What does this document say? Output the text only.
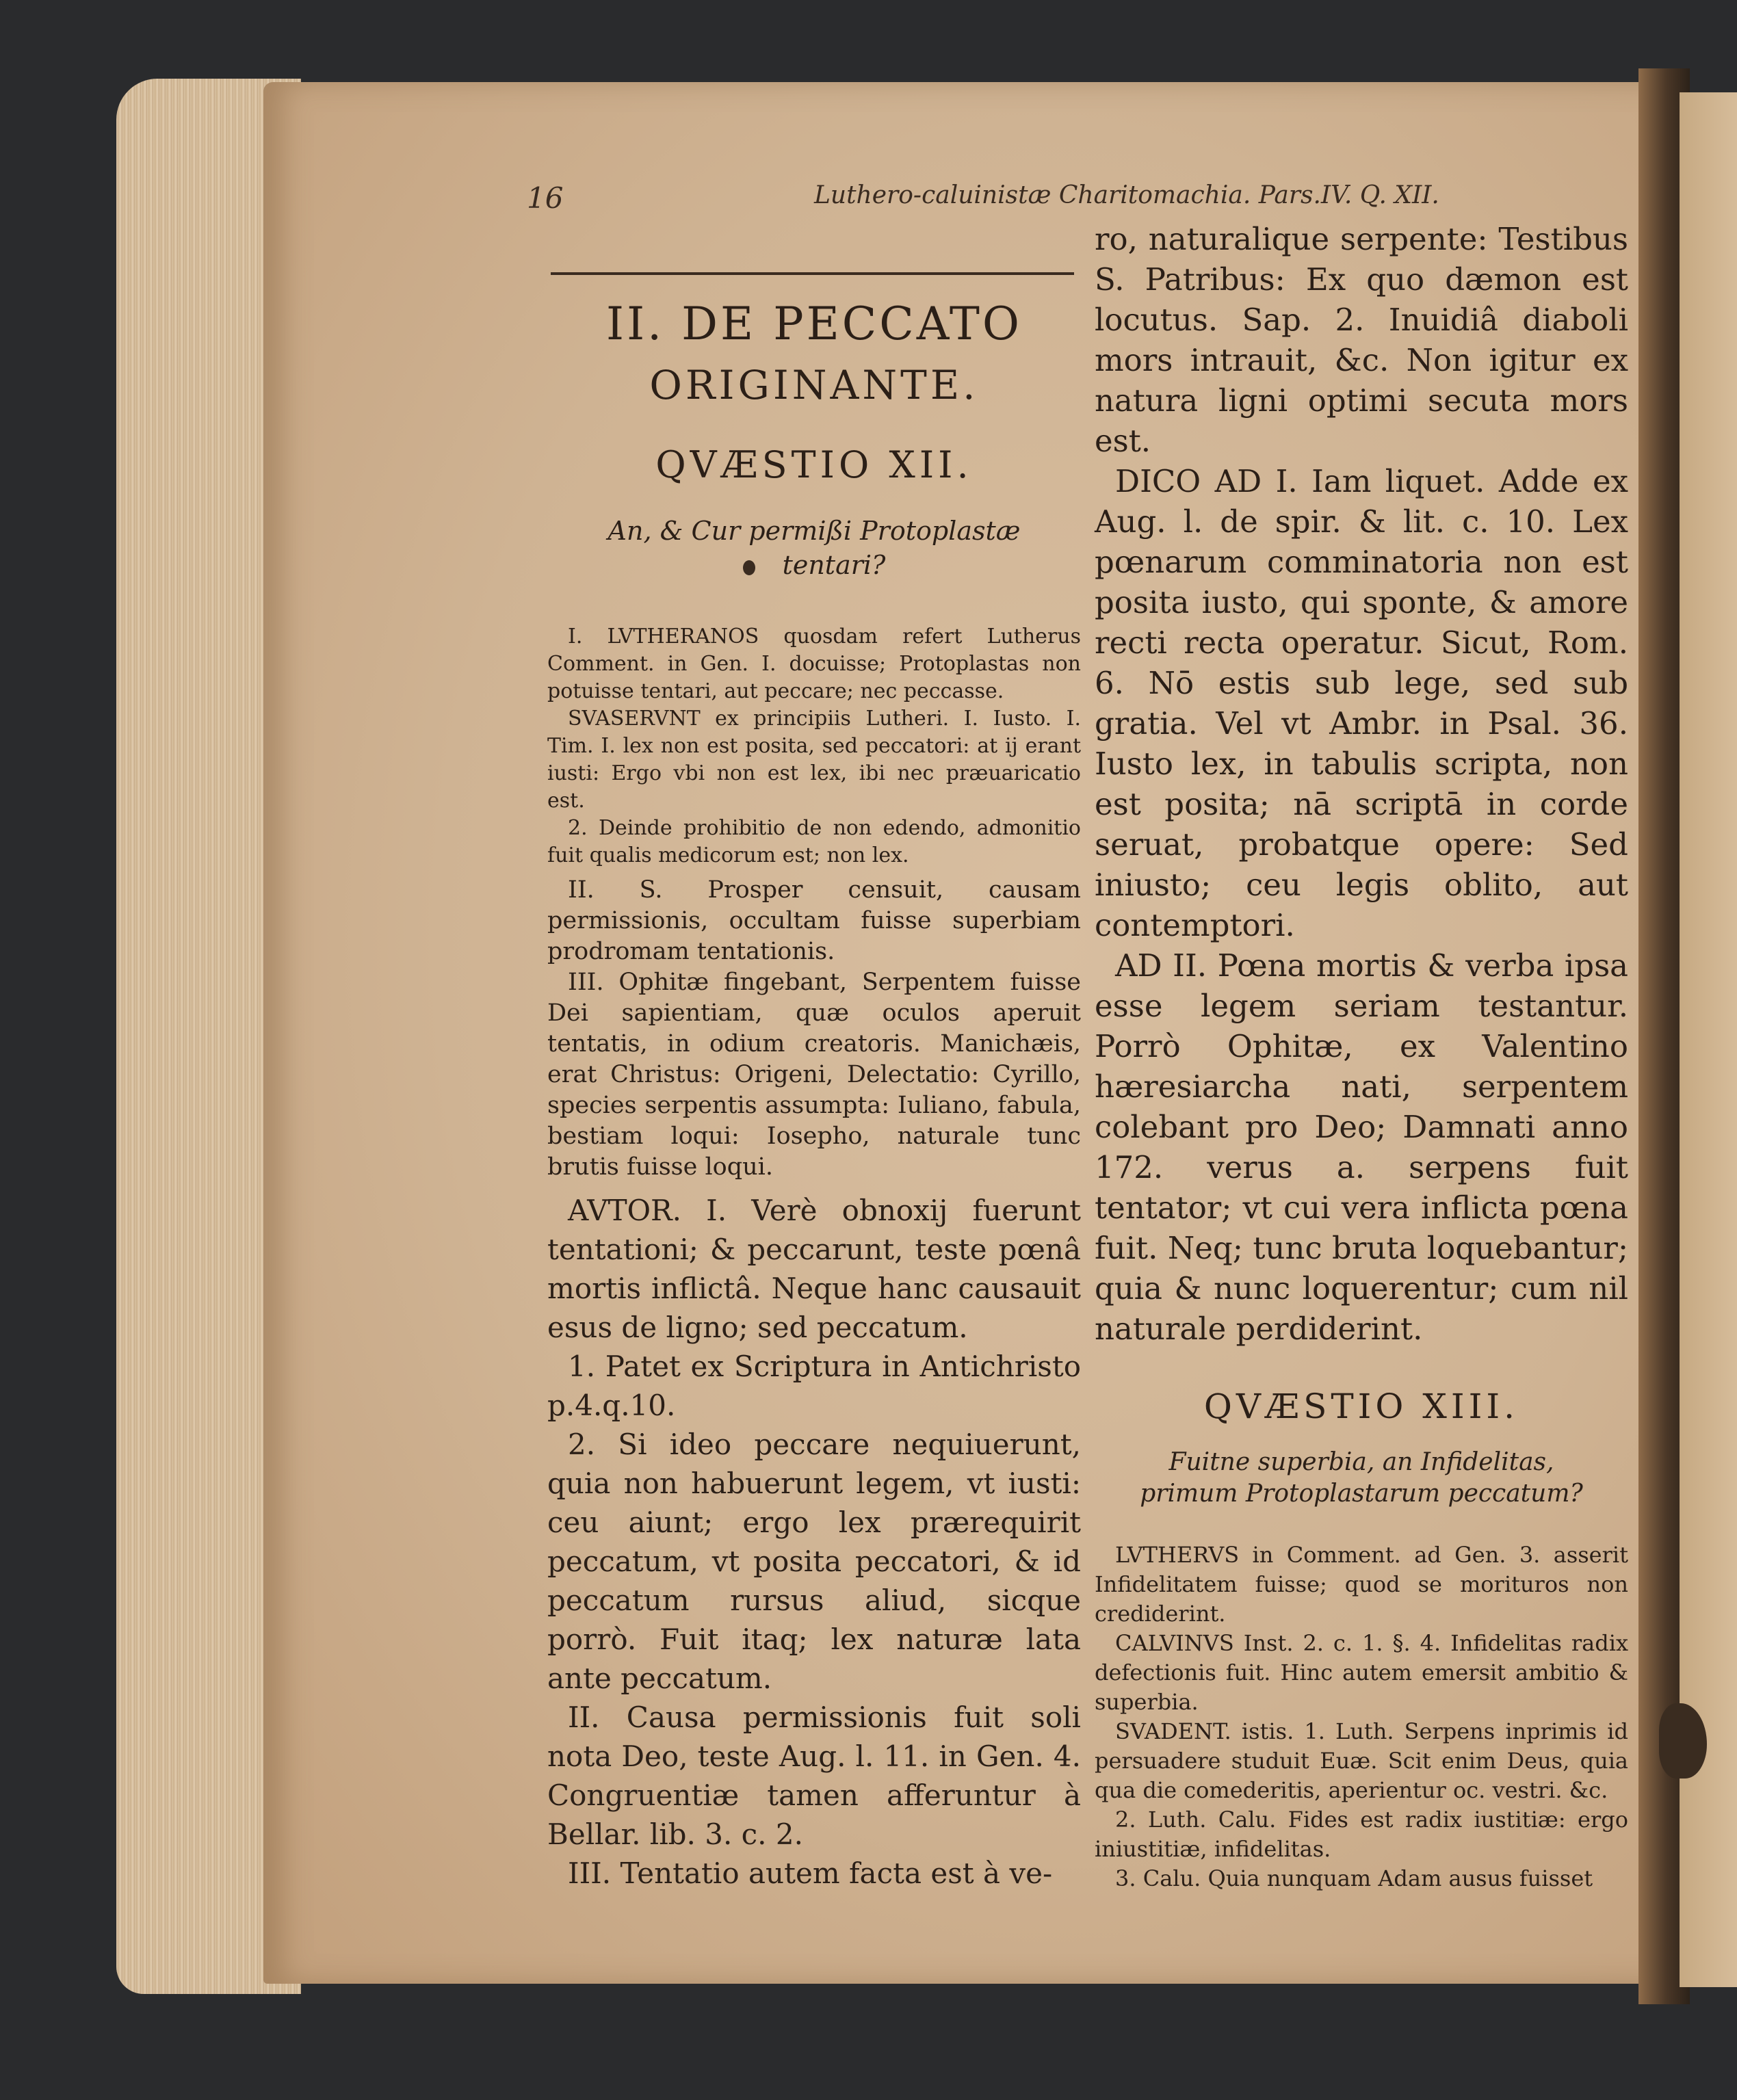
16	Luthero-caluinistæ Charitomachia. Pars.IV. Q. XII.
II. DE PECCATO
ORIGINANTE.
QVÆSTIO XII.
An, & Cur permißi Protoplastæ
tentari?

I. LVTHERANOS quosdam refert Lutherus Comment. in Gen. I. docuisse; Protoplastas non potuisse tentari, aut peccare; nec peccasse.

SVASERVNT ex principiis Lutheri. I. Iusto. I. Tim. I. lex non est posita, sed peccatori: at ij erant iusti: Ergo vbi non est lex, ibi nec præuaricatio est.

2. Deinde prohibitio de non edendo, admonitio fuit qualis medicorum est; non lex.

II. S. Prosper censuit, causam permissionis, occultam fuisse superbiam prodromam tentationis.

III. Ophitæ fingebant, Serpentem fuisse Dei sapientiam, quæ oculos aperuit tentatis, in odium creatoris. Manichæis, erat Christus: Origeni, Delectatio: Cyrillo, species serpentis assumpta: Iuliano, fabula, bestiam loqui: Iosepho, naturale tunc brutis fuisse loqui.

AVTOR. I. Verè obnoxij fuerunt tentationi; & peccarunt, teste pœnâ mortis inflictâ. Neque hanc causauit esus de ligno; sed peccatum.

1. Patet ex Scriptura in Antichristo p.4.q.10.

2. Si ideo peccare nequiuerunt, quia non habuerunt legem, vt iusti: ceu aiunt; ergo lex prærequirit peccatum, vt posita peccatori, & id peccatum rursus aliud, sicque porrò. Fuit itaq; lex naturæ lata ante peccatum.

II. Causa permissionis fuit soli nota Deo, teste Aug. l. 11. in Gen. 4. Congruentiæ tamen afferuntur à Bellar. lib. 3. c. 2.

III. Tentatio autem facta est à ve-

ro, naturalique serpente: Testibus S. Patribus: Ex quo dæmon est locutus. Sap. 2. Inuidiâ diaboli mors intrauit, &c. Non igitur ex natura ligni optimi secuta mors est.

DICO AD I. Iam liquet. Adde ex Aug. l. de spir. & lit. c. 10. Lex pœnarum comminatoria non est posita iusto, qui sponte, & amore recti recta operatur. Sicut, Rom. 6. Nō estis sub lege, sed sub gratia. Vel vt Ambr. in Psal. 36. Iusto lex, in tabulis scripta, non est posita; nā scriptā in corde seruat, probatque opere: Sed iniusto; ceu legis oblito, aut contemptori.

AD II. Pœna mortis & verba ipsa esse legem seriam testantur. Porrò Ophitæ, ex Valentino hæresiarcha nati, serpentem colebant pro Deo; Damnati anno 172. verus a. serpens fuit tentator; vt cui vera inflicta pœna fuit. Neq; tunc bruta loquebantur; quia & nunc loquerentur; cum nil naturale perdiderint.

QVÆSTIO XIII.
Fuitne superbia, an Infidelitas, primum Protoplastarum peccatum?

LVTHERVS in Comment. ad Gen. 3. asserit Infidelitatem fuisse; quod se morituros non crediderint.

CALVINVS Inst. 2. c. 1. §. 4. Infidelitas radix defectionis fuit. Hinc autem emersit ambitio & superbia.

SVADENT. istis. 1. Luth. Serpens inprimis id persuadere studuit Euæ. Scit enim Deus, quia qua die comederitis, aperientur oc. vestri. &c.

2. Luth. Calu. Fides est radix iustitiæ: ergo iniustitiæ, infidelitas.

3. Calu. Quia nunquam Adam ausus fuisset
